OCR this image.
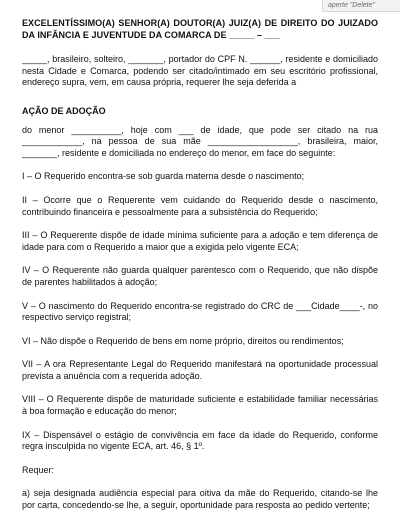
aperte "Delete"
EXCELENTÍSSIMO(A) SENHOR(A) DOUTOR(A) JUIZ(A) DE DIREITO DO JUIZADO DA INFÂNCIA E JUVENTUDE DA COMARCA DE _____ – ___

_____, brasileiro, solteiro, _______, portador do CPF N. ______, residente e domiciliado nesta Cidade e Comarca, podendo ser citado/intimado em seu escritório profissional, endereço supra, vem, em causa própria, requerer lhe seja deferida a

AÇÃO DE ADOÇÃO

do menor __________, hoje com ___ de idade, que pode ser citado na rua ____________, na pessoa de sua mãe __________________, brasileira, maior, _______, residente e domiciliada no endereço do menor, em face do seguinte:

I – O Requerido encontra-se sob guarda materna desde o nascimento;

II – Ocorre que o Requerente vem cuidando do Requerido desde o nascimento, contribuindo financeira e pessoalmente para a subsistência do Requerido;

III – O Requerente dispõe de idade mínima suficiente para a adoção e tem diferença de idade para com o Requerido a maior que a exigida pelo vigente ECA;

IV – O Requerente não guarda qualquer parentesco com o Requerido, que não dispõe de parentes habilitados à adoção;

V – O nascimento do Requerido encontra-se registrado do CRC de ___Cidade____-, no respectivo serviço registral;

VI – Não dispõe o Requerido de bens em nome próprio, direitos ou rendimentos;

VII – A ora Representante Legal do Requerido manifestará na oportunidade processual prevista a anuência com a requerida adoção.

VIII – O Requerente dispõe de maturidade suficiente e estabilidade familiar necessárias à boa formação e educação do menor;

IX – Dispensável o estágio de convivência em face da idade do Requerido, conforme regra insculpida no vigente ECA, art. 46, § 1º.

Requer:

a) seja designada audiência especial para oitiva da mãe do Requerido, citando-se lhe por carta, concedendo-se lhe, a seguir, oportunidade para resposta ao pedido vertente;
